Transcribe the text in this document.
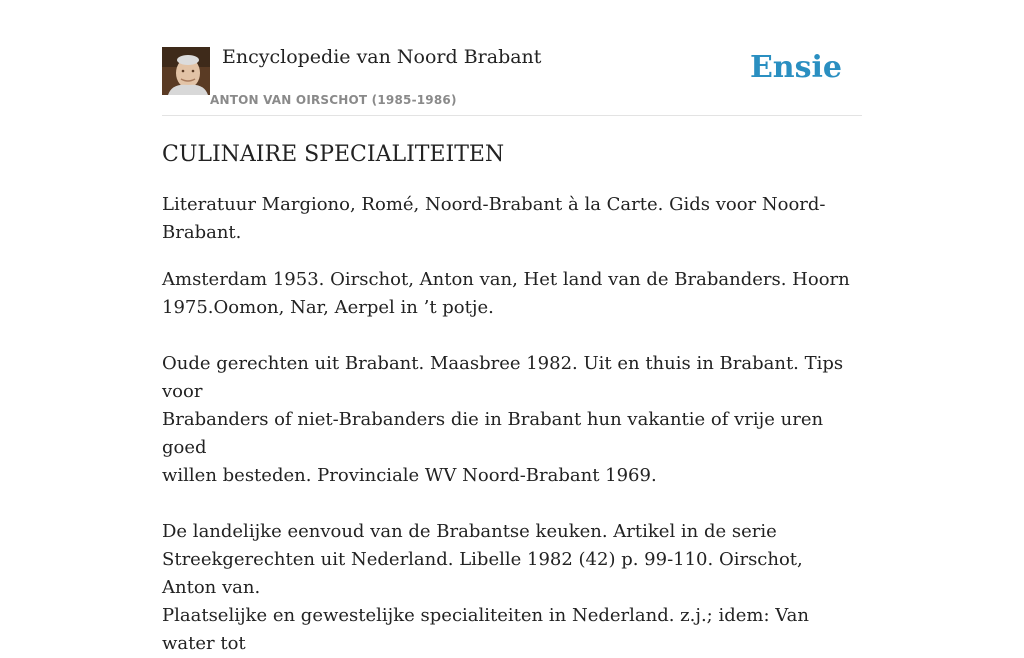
Encyclopedie van Noord Brabant
ANTON VAN OIRSCHOT (1985-1986)
Ensie
CULINAIRE SPECIALITEITEN

Literatuur Margiono, Romé, Noord-Brabant à la Carte. Gids voor Noord-Brabant.

Amsterdam 1953. Oirschot, Anton van, Het land van de Brabanders. Hoorn
1975.Oomon, Nar, Aerpel in ’t potje.

Oude gerechten uit Brabant. Maasbree 1982. Uit en thuis in Brabant. Tips voor
Brabanders of niet-Brabanders die in Brabant hun vakantie of vrije uren goed
willen besteden. Provinciale WV Noord-Brabant 1969.

De landelijke eenvoud van de Brabantse keuken. Artikel in de serie
Streekgerechten uit Nederland. Libelle 1982 (42) p. 99-110. Oirschot, Anton van.
Plaatselijke en gewestelijke specialiteiten in Nederland. z.j.; idem: Van water tot
